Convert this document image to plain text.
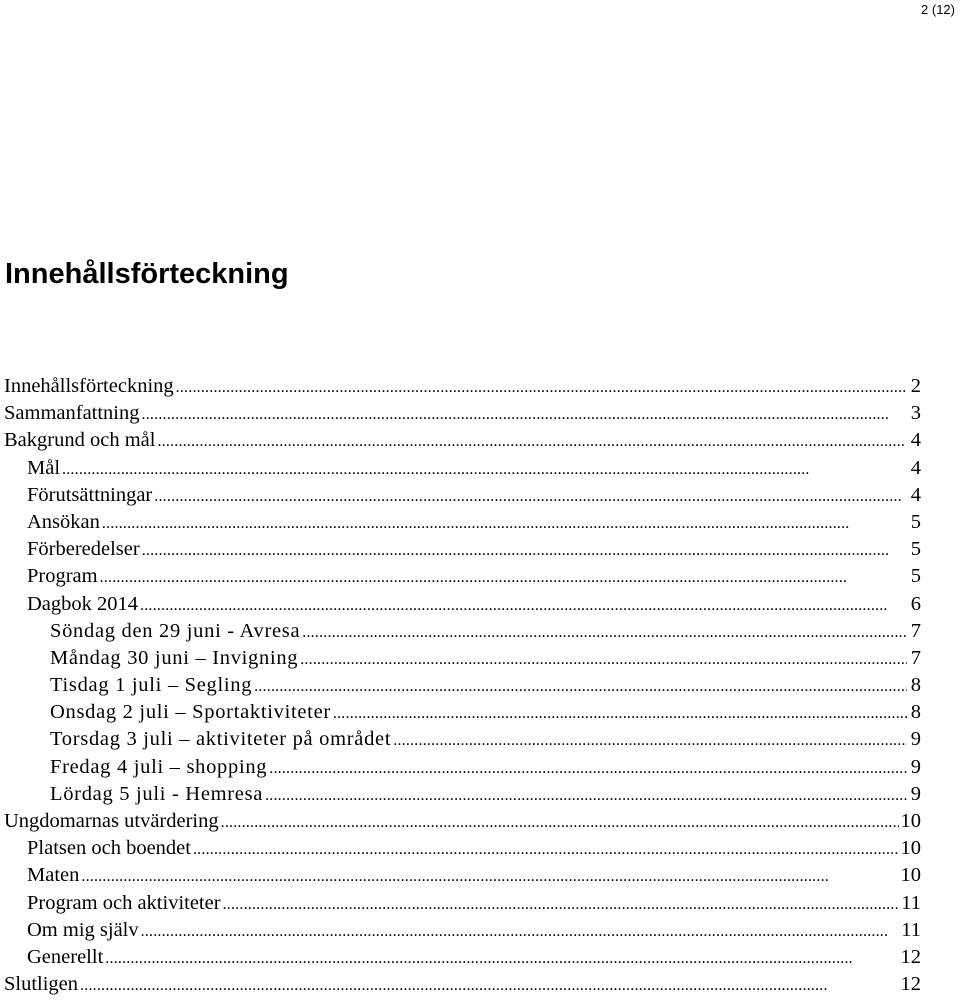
2 (12)
Innehållsförteckning
Innehållsförteckning . . .	2
Sammanfattning . . .	3
Bakgrund och mål . . .	4
Mål . . .	4
Förutsättningar . . .	4
Ansökan . . .	5
Förberedelser . . .	5
Program . . .	5
Dagbok 2014 . . .	6
Söndag den 29 juni - Avresa . . .	7
Måndag 30 juni – Invigning . . .	7
Tisdag 1 juli – Segling . . .	8
Onsdag 2 juli – Sportaktiviteter . . .	8
Torsdag 3 juli – aktiviteter på området . . .	9
Fredag 4 juli – shopping . . .	9
Lördag 5 juli - Hemresa . . .	9
Ungdomarnas utvärdering . . .	10
Platsen och boendet . . .	10
Maten . . .	10
Program och aktiviteter . . .	11
Om mig själv . . .	11
Generellt . . .	12
Slutligen . . .	12
